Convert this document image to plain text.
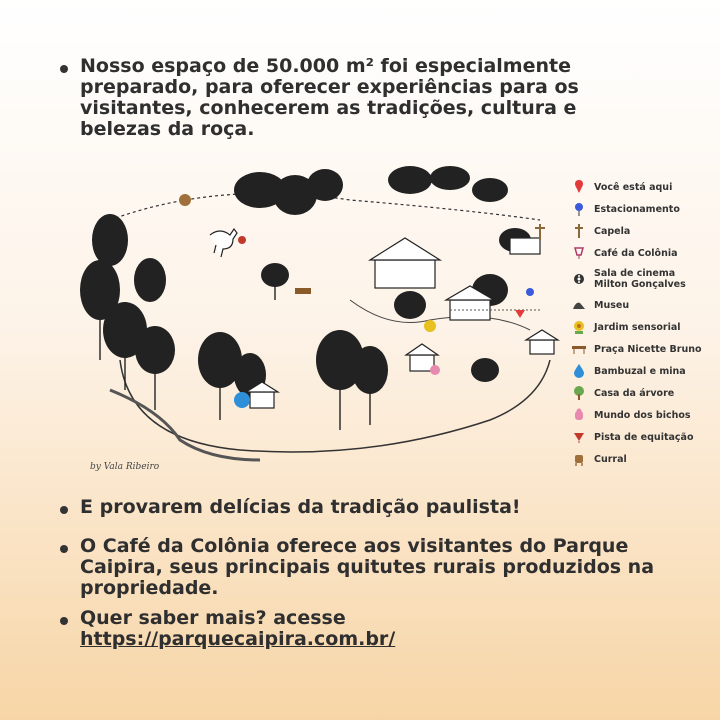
Nosso espaço de 50.000 m² foi especialmente preparado, para oferecer experiências para os visitantes, conhecerem as tradições, cultura e belezas da roça.
by Vala Ribeiro
Você está aqui
Estacionamento
Capela
Café da Colônia
Sala de cinema Milton Gonçalves
Museu
Jardim sensorial
Praça Nicette Bruno
Bambuzal e mina
Casa da árvore
Mundo dos bichos
Pista de equitação
Curral
E provarem delícias da tradição paulista!
O Café da Colônia oferece aos visitantes do Parque Caipira, seus principais quitutes rurais produzidos na propriedade.
Quer saber mais? acesse
https://parquecaipira.com.br/
